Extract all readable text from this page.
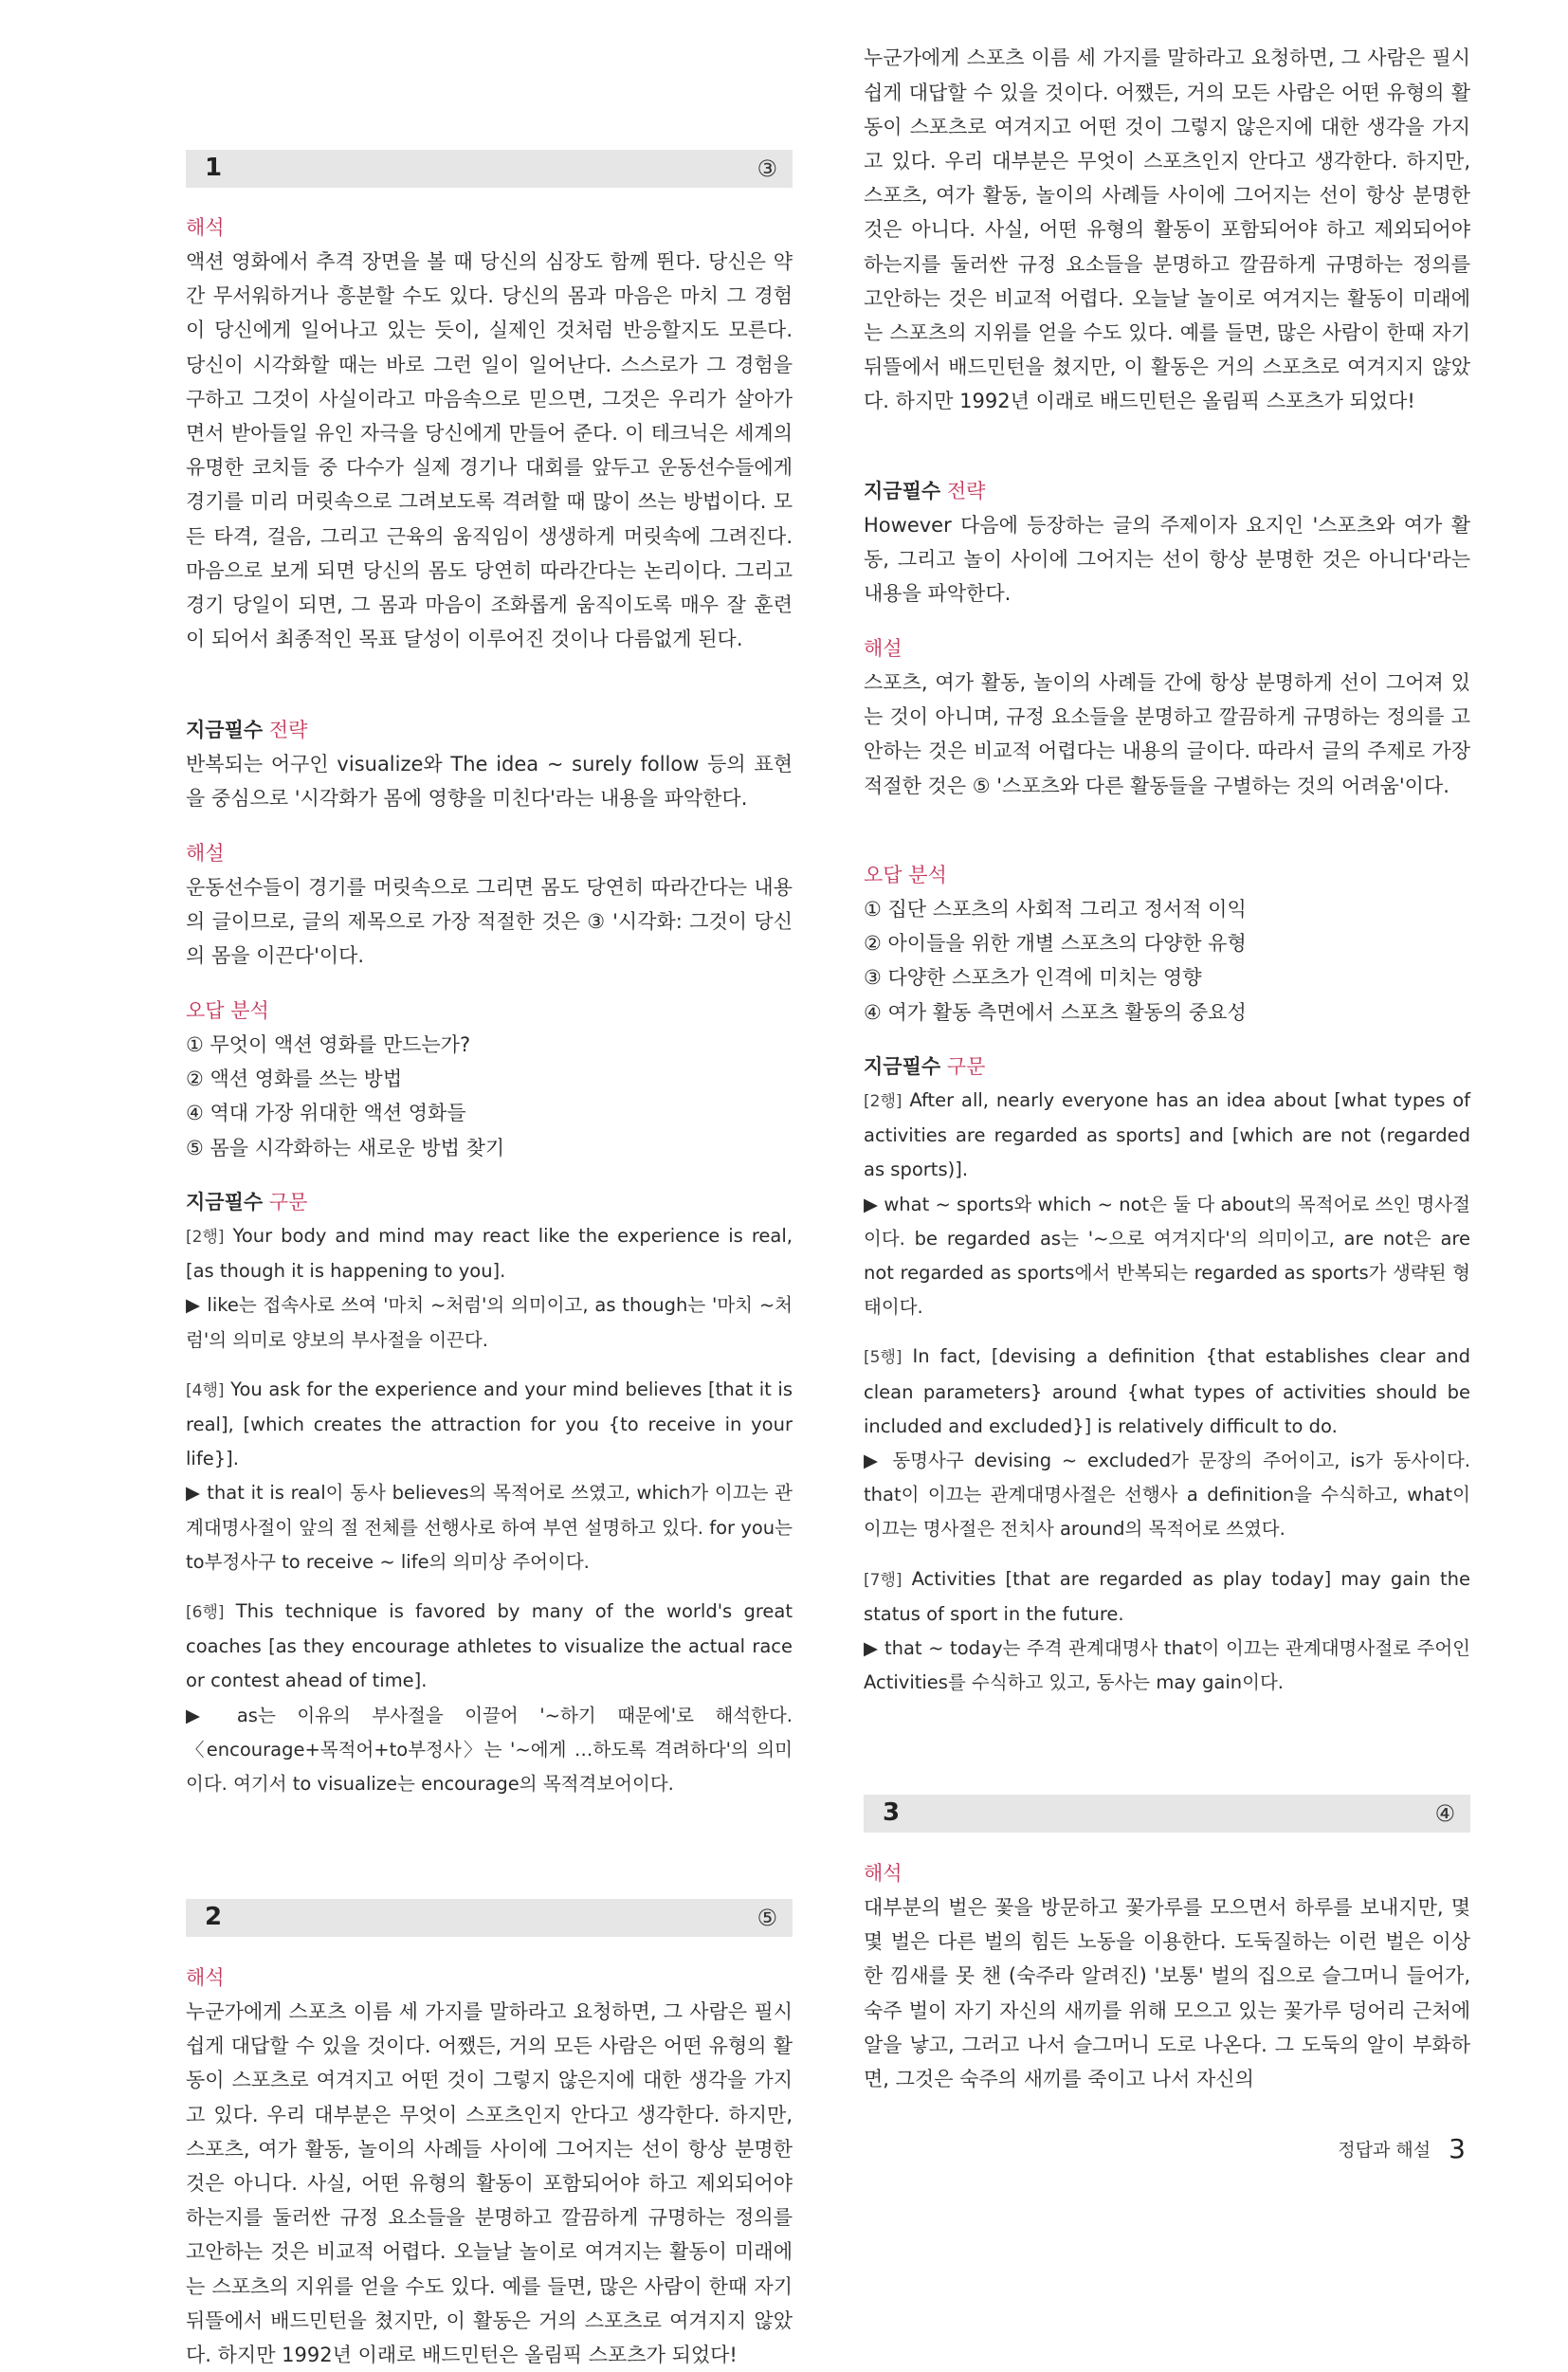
1	③
해석

액션 영화에서 추격 장면을 볼 때 당신의 심장도 함께 뛴다. 당신은 약간 무서워하거나 흥분할 수도 있다. 당신의 몸과 마음은 마치 그 경험이 당신에게 일어나고 있는 듯이, 실제인 것처럼 반응할지도 모른다. 당신이 시각화할 때는 바로 그런 일이 일어난다. 스스로가 그 경험을 구하고 그것이 사실이라고 마음속으로 믿으면, 그것은 우리가 살아가면서 받아들일 유인 자극을 당신에게 만들어 준다. 이 테크닉은 세계의 유명한 코치들 중 다수가 실제 경기나 대회를 앞두고 운동선수들에게 경기를 미리 머릿속으로 그려보도록 격려할 때 많이 쓰는 방법이다. 모든 타격, 걸음, 그리고 근육의 움직임이 생생하게 머릿속에 그려진다. 마음으로 보게 되면 당신의 몸도 당연히 따라간다는 논리이다. 그리고 경기 당일이 되면, 그 몸과 마음이 조화롭게 움직이도록 매우 잘 훈련이 되어서 최종적인 목표 달성이 이루어진 것이나 다름없게 된다.

지금필수 전략

반복되는 어구인 visualize와 The idea ~ surely follow 등의 표현을 중심으로 '시각화가 몸에 영향을 미친다'라는 내용을 파악한다.

해설

운동선수들이 경기를 머릿속으로 그리면 몸도 당연히 따라간다는 내용의 글이므로, 글의 제목으로 가장 적절한 것은 ③ '시각화: 그것이 당신의 몸을 이끈다'이다.

오답 분석

① 무엇이 액션 영화를 만드는가?

② 액션 영화를 쓰는 방법

④ 역대 가장 위대한 액션 영화들

⑤ 몸을 시각화하는 새로운 방법 찾기

지금필수 구문

[2행] Your body and mind may react like the experience is real, [as though it is happening to you].

▶ like는 접속사로 쓰여 '마치 ~처럼'의 의미이고, as though는 '마치 ~처럼'의 의미로 양보의 부사절을 이끈다.

[4행] You ask for the experience and your mind believes [that it is real], [which creates the attraction for you {to receive in your life}].

▶ that it is real이 동사 believes의 목적어로 쓰였고, which가 이끄는 관계대명사절이 앞의 절 전체를 선행사로 하여 부연 설명하고 있다. for you는 to부정사구 to receive ~ life의 의미상 주어이다.

[6행] This technique is favored by many of the world's great coaches [as they encourage athletes to visualize the actual race or contest ahead of time].

▶ as는 이유의 부사절을 이끌어 '~하기 때문에'로 해석한다. 〈encourage+목적어+to부정사〉는 '~에게 …하도록 격려하다'의 의미이다. 여기서 to visualize는 encourage의 목적격보어이다.

2	⑤
해석

누군가에게 스포츠 이름 세 가지를 말하라고 요청하면, 그 사람은 필시 쉽게 대답할 수 있을 것이다. 어쨌든, 거의 모든 사람은 어떤 유형의 활동이 스포츠로 여겨지고 어떤 것이 그렇지 않은지에 대한 생각을 가지고 있다. 우리 대부분은 무엇이 스포츠인지 안다고 생각한다. 하지만, 스포츠, 여가 활동, 놀이의 사례들 사이에 그어지는 선이 항상 분명한 것은 아니다. 사실, 어떤 유형의 활동이 포함되어야 하고 제외되어야 하는지를 둘러싼 규정 요소들을 분명하고 깔끔하게 규명하는 정의를 고안하는 것은 비교적 어렵다. 오늘날 놀이로 여겨지는 활동이 미래에는 스포츠의 지위를 얻을 수도 있다. 예를 들면, 많은 사람이 한때 자기 뒤뜰에서 배드민턴을 쳤지만, 이 활동은 거의 스포츠로 여겨지지 않았다. 하지만 1992년 이래로 배드민턴은 올림픽 스포츠가 되었다!

누군가에게 스포츠 이름 세 가지를 말하라고 요청하면, 그 사람은 필시 쉽게 대답할 수 있을 것이다. 어쨌든, 거의 모든 사람은 어떤 유형의 활동이 스포츠로 여겨지고 어떤 것이 그렇지 않은지에 대한 생각을 가지고 있다. 우리 대부분은 무엇이 스포츠인지 안다고 생각한다. 하지만, 스포츠, 여가 활동, 놀이의 사례들 사이에 그어지는 선이 항상 분명한 것은 아니다. 사실, 어떤 유형의 활동이 포함되어야 하고 제외되어야 하는지를 둘러싼 규정 요소들을 분명하고 깔끔하게 규명하는 정의를 고안하는 것은 비교적 어렵다. 오늘날 놀이로 여겨지는 활동이 미래에는 스포츠의 지위를 얻을 수도 있다. 예를 들면, 많은 사람이 한때 자기 뒤뜰에서 배드민턴을 쳤지만, 이 활동은 거의 스포츠로 여겨지지 않았다. 하지만 1992년 이래로 배드민턴은 올림픽 스포츠가 되었다!

지금필수 전략

However 다음에 등장하는 글의 주제이자 요지인 '스포츠와 여가 활동, 그리고 놀이 사이에 그어지는 선이 항상 분명한 것은 아니다'라는 내용을 파악한다.

해설

스포츠, 여가 활동, 놀이의 사례들 간에 항상 분명하게 선이 그어져 있는 것이 아니며, 규정 요소들을 분명하고 깔끔하게 규명하는 정의를 고안하는 것은 비교적 어렵다는 내용의 글이다. 따라서 글의 주제로 가장 적절한 것은 ⑤ '스포츠와 다른 활동들을 구별하는 것의 어려움'이다.

오답 분석

① 집단 스포츠의 사회적 그리고 정서적 이익

② 아이들을 위한 개별 스포츠의 다양한 유형

③ 다양한 스포츠가 인격에 미치는 영향

④ 여가 활동 측면에서 스포츠 활동의 중요성

지금필수 구문

[2행] After all, nearly everyone has an idea about [what types of activities are regarded as sports] and [which are not (regarded as sports)].

▶ what ~ sports와 which ~ not은 둘 다 about의 목적어로 쓰인 명사절이다. be regarded as는 '~으로 여겨지다'의 의미이고, are not은 are not regarded as sports에서 반복되는 regarded as sports가 생략된 형태이다.

[5행] In fact, [devising a definition {that establishes clear and clean parameters} around {what types of activities should be included and excluded}] is relatively difficult to do.

▶ 동명사구 devising ~ excluded가 문장의 주어이고, is가 동사이다. that이 이끄는 관계대명사절은 선행사 a definition을 수식하고, what이 이끄는 명사절은 전치사 around의 목적어로 쓰였다.

[7행] Activities [that are regarded as play today] may gain the status of sport in the future.

▶ that ~ today는 주격 관계대명사 that이 이끄는 관계대명사절로 주어인 Activities를 수식하고 있고, 동사는 may gain이다.

3	④
해석

대부분의 벌은 꽃을 방문하고 꽃가루를 모으면서 하루를 보내지만, 몇몇 벌은 다른 벌의 힘든 노동을 이용한다. 도둑질하는 이런 벌은 이상한 낌새를 못 챈 (숙주라 알려진) '보통' 벌의 집으로 슬그머니 들어가, 숙주 벌이 자기 자신의 새끼를 위해 모으고 있는 꽃가루 덩어리 근처에 알을 낳고, 그러고 나서 슬그머니 도로 나온다. 그 도둑의 알이 부화하면, 그것은 숙주의 새끼를 죽이고 나서 자신의

정답과 해설 3
